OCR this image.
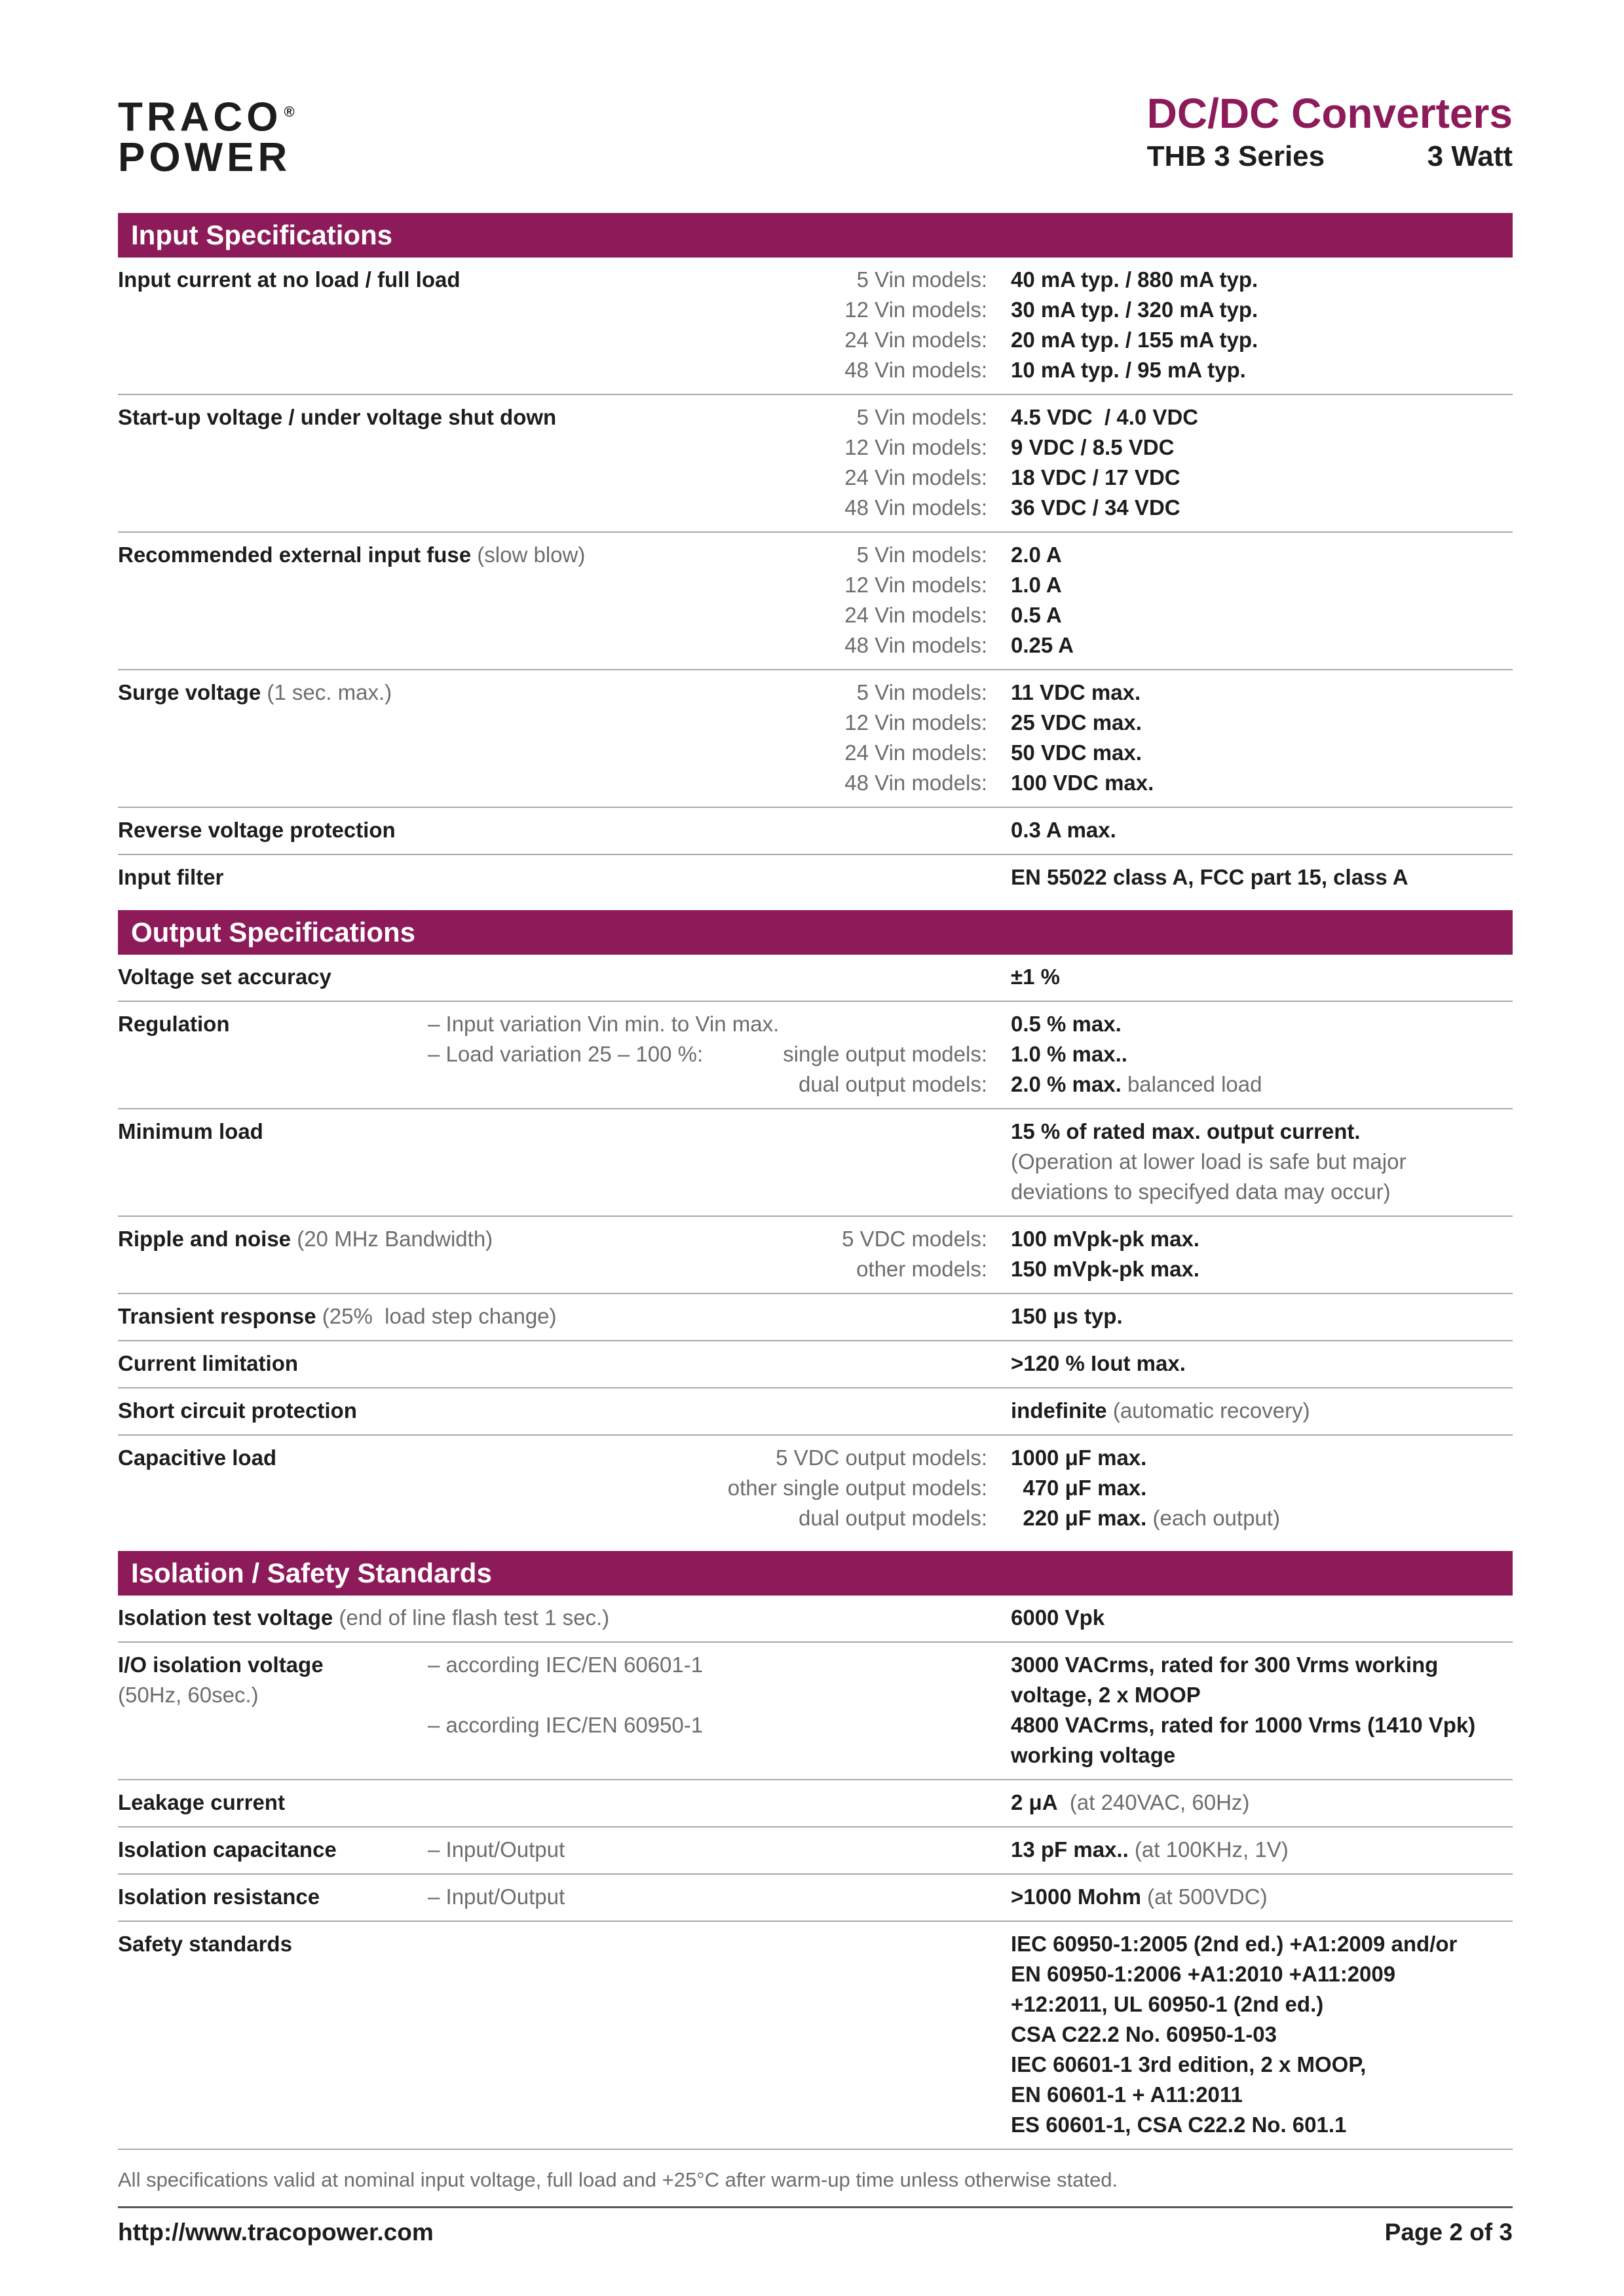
TRACO ®
POWER
DC/DC Converters
THB 3 Series	3 Watt
Input Specifications
Input current at no load / full load	5 Vin models: 40 mA typ. / 880 mA typ.
12 Vin models: 30 mA typ. / 320 mA typ.
24 Vin models: 20 mA typ. / 155 mA typ.
48 Vin models: 10 mA typ. / 95 mA typ.
Start-up voltage / under voltage shut down	5 Vin models: 4.5 VDC  / 4.0 VDC
12 Vin models: 9 VDC / 8.5 VDC
24 Vin models: 18 VDC / 17 VDC
48 Vin models: 36 VDC / 34 VDC
Recommended external input fuse (slow blow)	5 Vin models: 2.0 A
12 Vin models: 1.0 A
24 Vin models: 0.5 A
48 Vin models: 0.25 A
Surge voltage (1 sec. max.)	5 Vin models: 11 VDC max.
12 Vin models: 25 VDC max.
24 Vin models: 50 VDC max.
48 Vin models: 100 VDC max.
Reverse voltage protection	0.3 A max.
Input filter	EN 55022 class A, FCC part 15, class A
Output Specifications
Voltage set accuracy	±1 %
Regulation	– Input variation Vin min. to Vin max.	0.5 % max.
– Load variation 25 – 100 %:	single output models: 1.0 % max..
dual output models: 2.0 % max. balanced load
Minimum load	15 % of rated max. output current.
(Operation at lower load is safe but major
deviations to specifyed data may occur)
Ripple and noise (20 MHz Bandwidth)	5 VDC models: 100 mVpk-pk max.
other models: 150 mVpk-pk max.
Transient response (25%  load step change)	150 μs typ.
Current limitation	>120 % Iout max.
Short circuit protection	indefinite (automatic recovery)
Capacitive load	5 VDC output models: 1000 μF max.
other single output models: 470 μF max.
dual output models: 220 μF max. (each output)
Isolation / Safety Standards
Isolation test voltage (end of line flash test 1 sec.)	6000 Vpk
I/O isolation voltage
(50Hz, 60sec.)
– according IEC/EN 60601-1	3000 VACrms, rated for 300 Vrms working
voltage, 2 x MOOP
– according IEC/EN 60950-1	4800 VACrms, rated for 1000 Vrms (1410 Vpk)
working voltage
Leakage current	2 μA  (at 240VAC, 60Hz)
Isolation capacitance	– Input/Output	13 pF max.. (at 100KHz, 1V)
Isolation resistance	– Input/Output	>1000 Mohm (at 500VDC)
Safety standards	IEC 60950-1:2005 (2nd ed.) +A1:2009 and/or
EN 60950-1:2006 +A1:2010 +A11:2009
+12:2011, UL 60950-1 (2nd ed.)
CSA C22.2 No. 60950-1-03
IEC 60601-1 3rd edition, 2 x MOOP,
EN 60601-1 + A11:2011
ES 60601-1, CSA C22.2 No. 601.1
All specifications valid at nominal input voltage, full load and +25°C after warm-up time unless otherwise stated.
http://www.tracopower.com	Page 2 of 3
